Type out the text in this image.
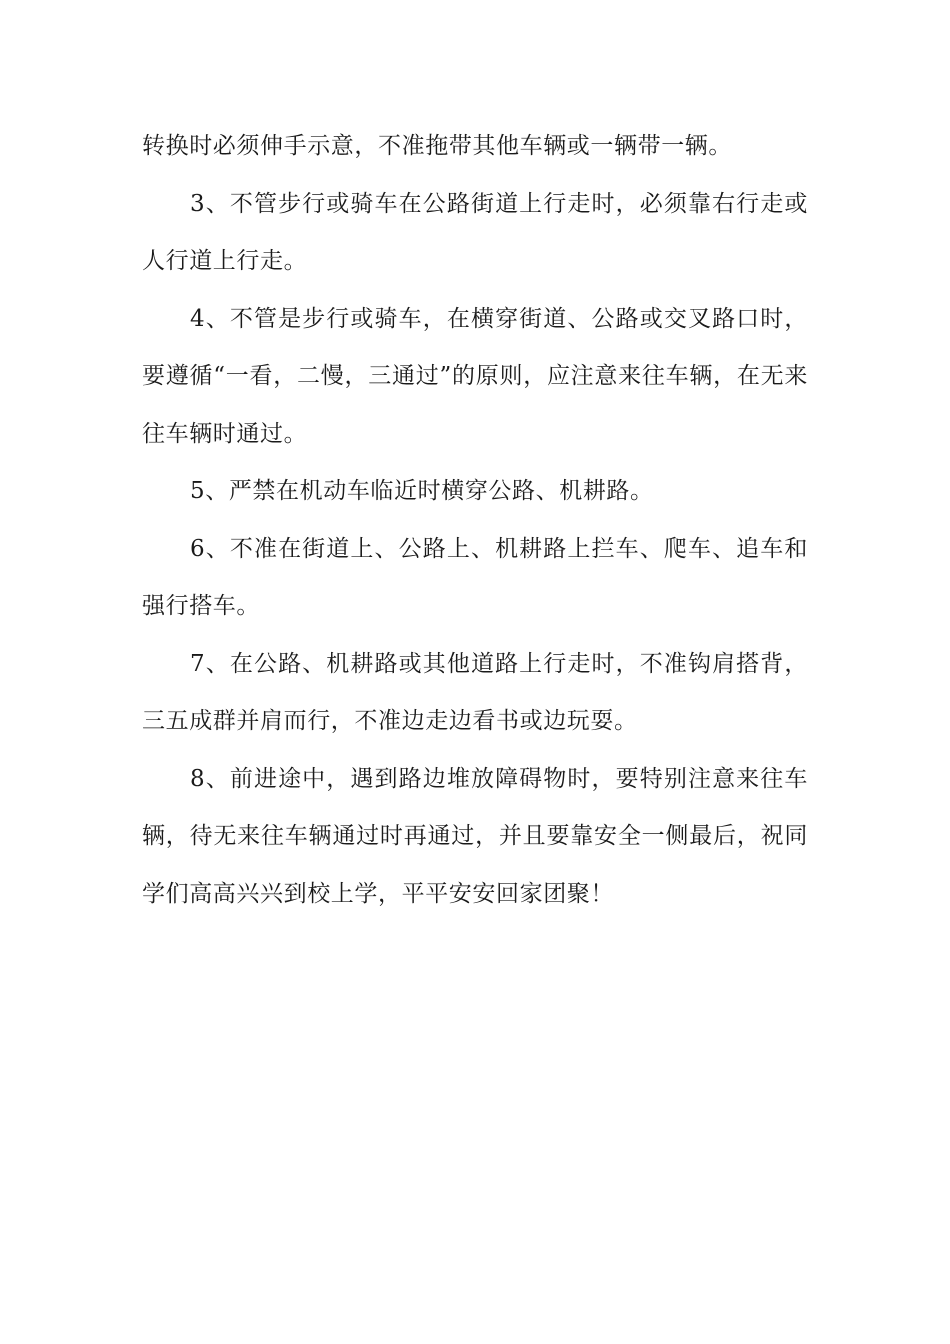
转换时必须伸手示意，不准拖带其他车辆或一辆带一辆。

3、不管步行或骑车在公路街道上行走时，必须靠右行走或人行道上行走。

4、不管是步行或骑车，在横穿街道、公路或交叉路口时，要遵循“一看，二慢，三通过”的原则，应注意来往车辆，在无来往车辆时通过。

5、严禁在机动车临近时横穿公路、机耕路。

6、不准在街道上、公路上、机耕路上拦车、爬车、追车和强行搭车。

7、在公路、机耕路或其他道路上行走时，不准钩肩搭背，三五成群并肩而行，不准边走边看书或边玩耍。

8、前进途中，遇到路边堆放障碍物时，要特别注意来往车辆，待无来往车辆通过时再通过，并且要靠安全一侧最后，祝同学们高高兴兴到校上学，平平安安回家团聚！
